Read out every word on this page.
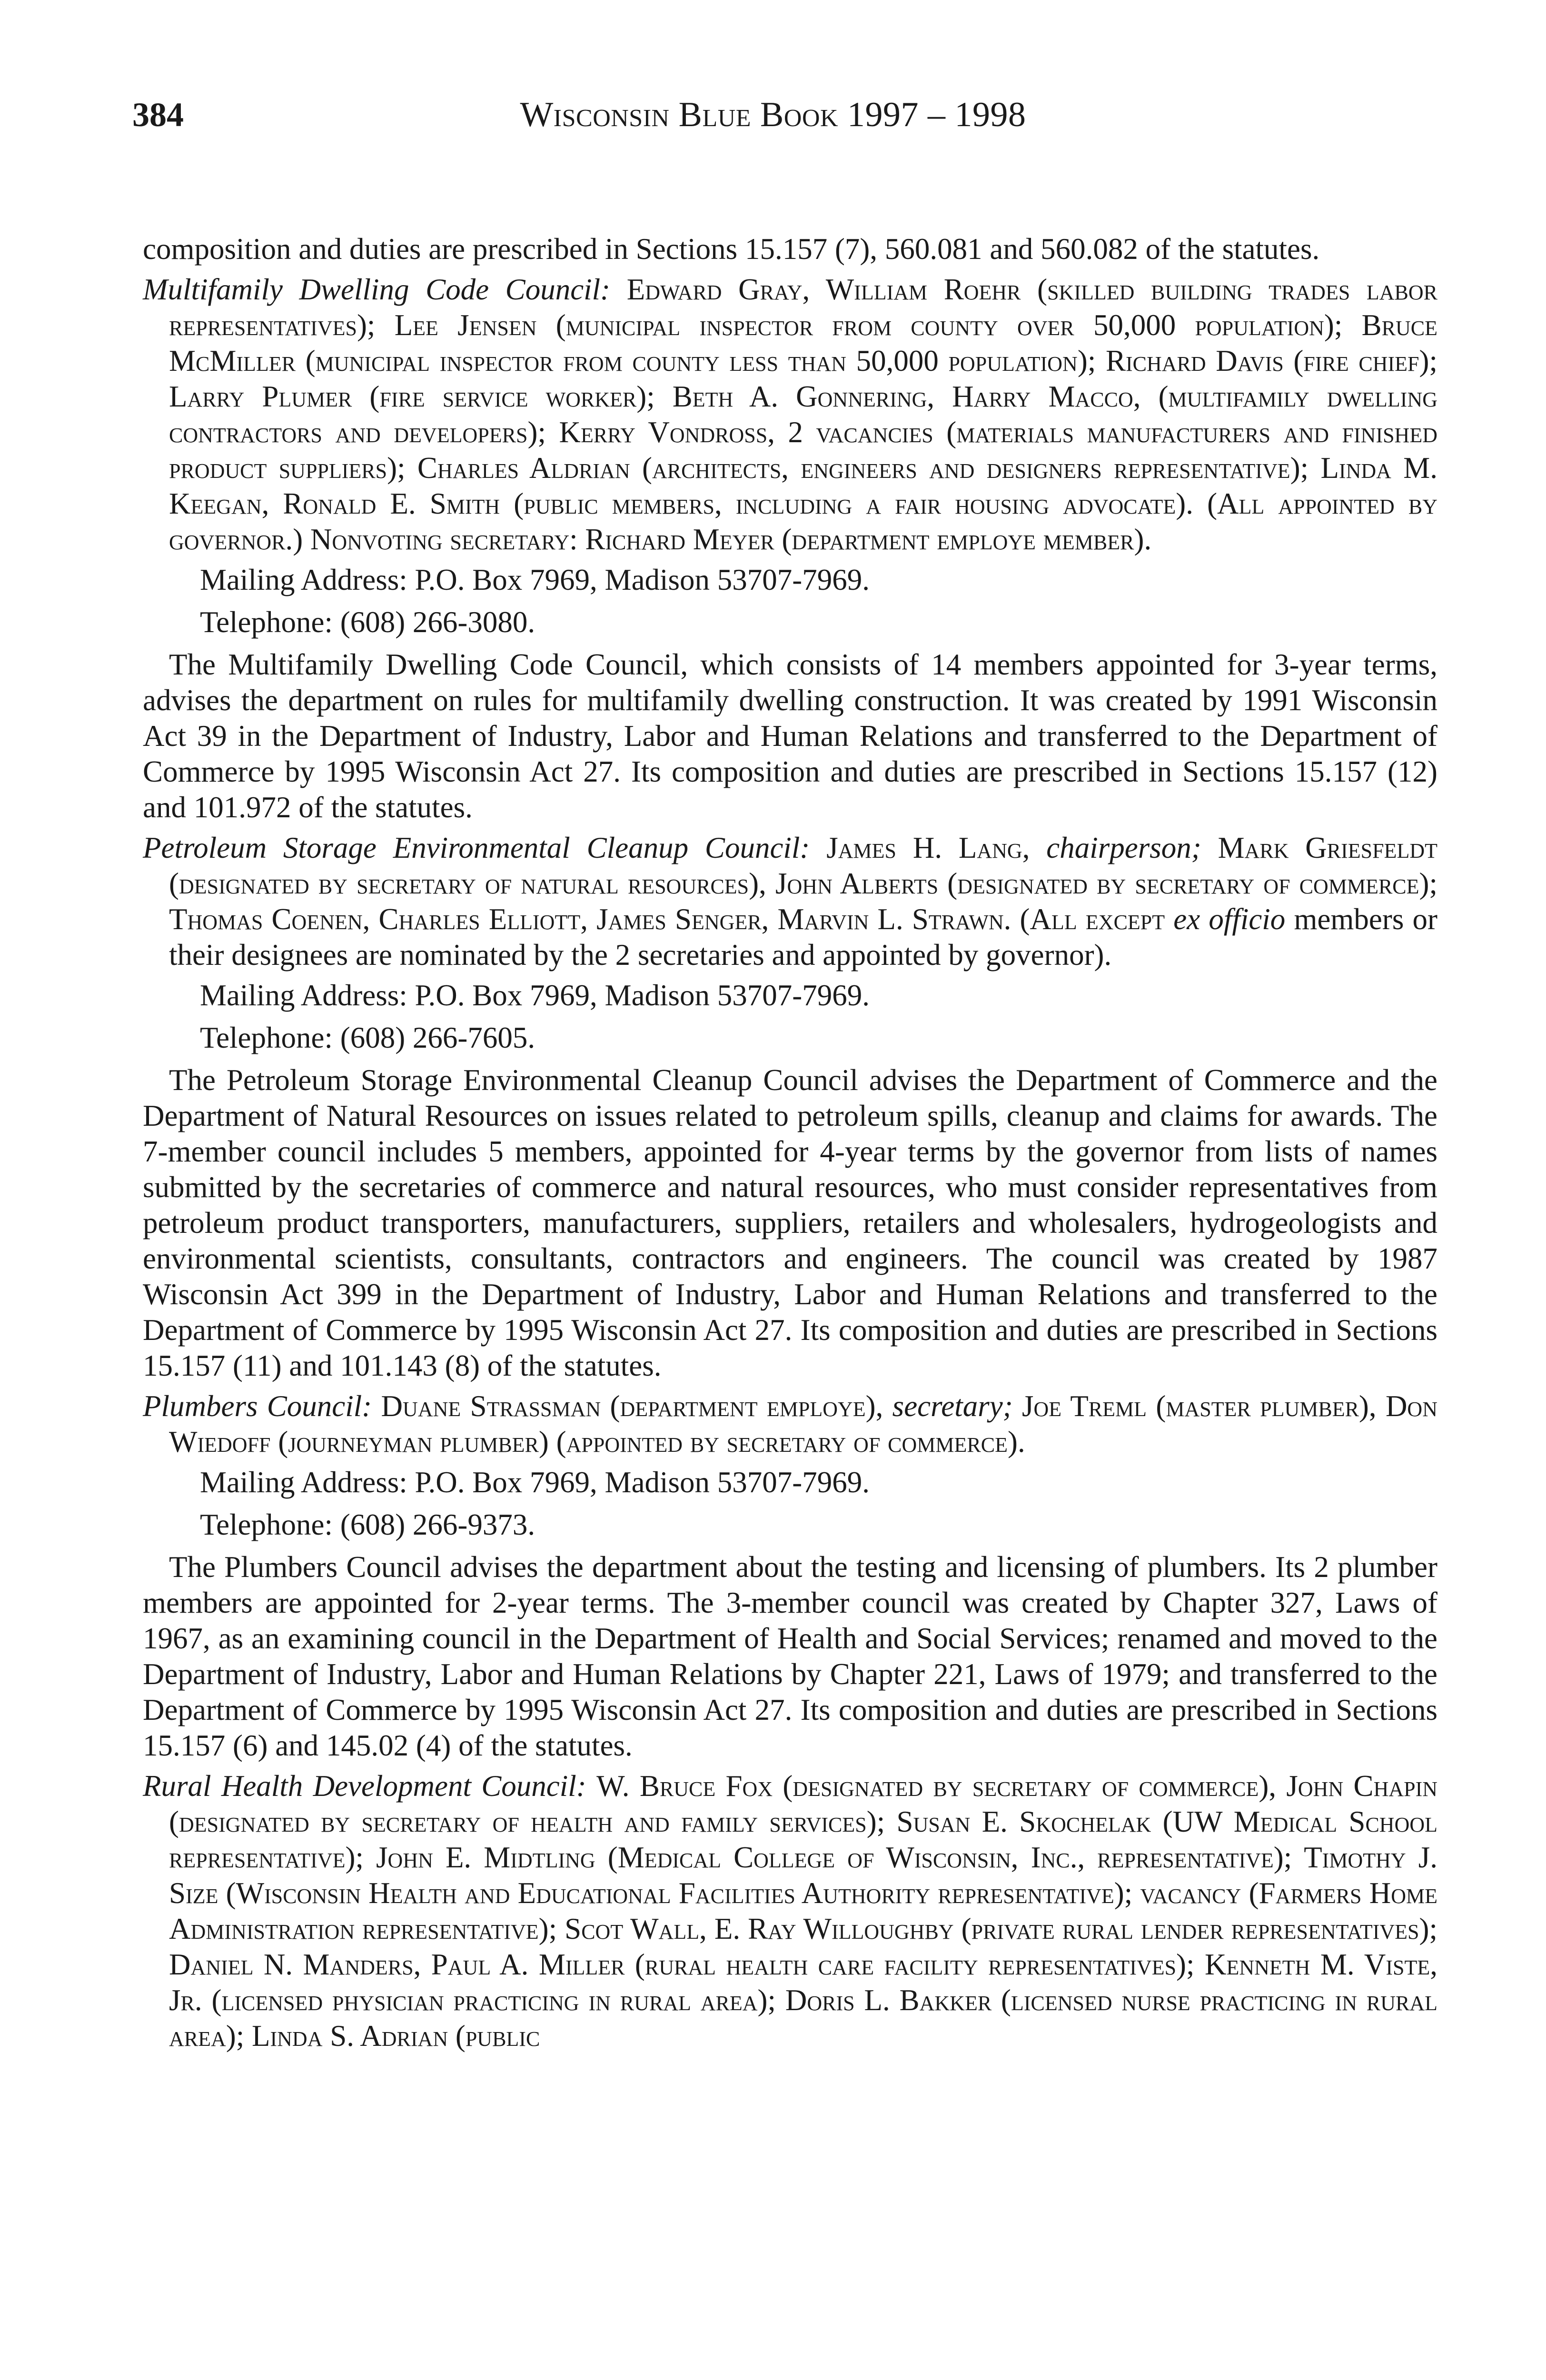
384	Wisconsin Blue Book 1997 – 1998

composition and duties are prescribed in Sections 15.157 (7), 560.081 and 560.082 of the statutes.

Multifamily Dwelling Code Council: Edward Gray, William Roehr (skilled building trades labor representatives); Lee Jensen (municipal inspector from county over 50,000 population); Bruce McMiller (municipal inspector from county less than 50,000 population); Richard Davis (fire chief); Larry Plumer (fire service worker); Beth A. Gonnering, Harry Macco, (multifamily dwelling contractors and developers); Kerry Vondross, 2 vacancies (materials manufacturers and finished product suppliers); Charles Aldrian (architects, engineers and designers representative); Linda M. Keegan, Ronald E. Smith (public members, including a fair housing advocate). (All appointed by governor.) Nonvoting secretary: Richard Meyer (department employe member).

Mailing Address: P.O. Box 7969, Madison 53707-7969.

Telephone: (608) 266-3080.

The Multifamily Dwelling Code Council, which consists of 14 members appointed for 3-year terms, advises the department on rules for multifamily dwelling construction. It was created by 1991 Wisconsin Act 39 in the Department of Industry, Labor and Human Relations and transferred to the Department of Commerce by 1995 Wisconsin Act 27. Its composition and duties are prescribed in Sections 15.157 (12) and 101.972 of the statutes.

Petroleum Storage Environmental Cleanup Council: James H. Lang, chairperson; Mark Griesfeldt (designated by secretary of natural resources), John Alberts (designated by secretary of commerce); Thomas Coenen, Charles Elliott, James Senger, Marvin L. Strawn. (All except ex officio members or their designees are nominated by the 2 secretaries and appointed by governor).

Mailing Address: P.O. Box 7969, Madison 53707-7969.

Telephone: (608) 266-7605.

The Petroleum Storage Environmental Cleanup Council advises the Department of Commerce and the Department of Natural Resources on issues related to petroleum spills, cleanup and claims for awards. The 7-member council includes 5 members, appointed for 4-year terms by the governor from lists of names submitted by the secretaries of commerce and natural resources, who must consider representatives from petroleum product transporters, manufacturers, suppliers, retailers and wholesalers, hydrogeologists and environmental scientists, consultants, contractors and engineers. The council was created by 1987 Wisconsin Act 399 in the Department of Industry, Labor and Human Relations and transferred to the Department of Commerce by 1995 Wisconsin Act 27. Its composition and duties are prescribed in Sections 15.157 (11) and 101.143 (8) of the statutes.

Plumbers Council: Duane Strassman (department employe), secretary; Joe Treml (master plumber), Don Wiedoff (journeyman plumber) (appointed by secretary of commerce).

Mailing Address: P.O. Box 7969, Madison 53707-7969.

Telephone: (608) 266-9373.

The Plumbers Council advises the department about the testing and licensing of plumbers. Its 2 plumber members are appointed for 2-year terms. The 3-member council was created by Chapter 327, Laws of 1967, as an examining council in the Department of Health and Social Services; renamed and moved to the Department of Industry, Labor and Human Relations by Chapter 221, Laws of 1979; and transferred to the Department of Commerce by 1995 Wisconsin Act 27. Its composition and duties are prescribed in Sections 15.157 (6) and 145.02 (4) of the statutes.

Rural Health Development Council: W. Bruce Fox (designated by secretary of commerce), John Chapin (designated by secretary of health and family services); Susan E. Skochelak (UW Medical School representative); John E. Midtling (Medical College of Wisconsin, Inc., representative); Timothy J. Size (Wisconsin Health and Educational Facilities Authority representative); vacancy (Farmers Home Administration representative); Scot Wall, E. Ray Willoughby (private rural lender representatives); Daniel N. Manders, Paul A. Miller (rural health care facility representatives); Kenneth M. Viste, Jr. (licensed physician practicing in rural area); Doris L. Bakker (licensed nurse practicing in rural area); Linda S. Adrian (public
